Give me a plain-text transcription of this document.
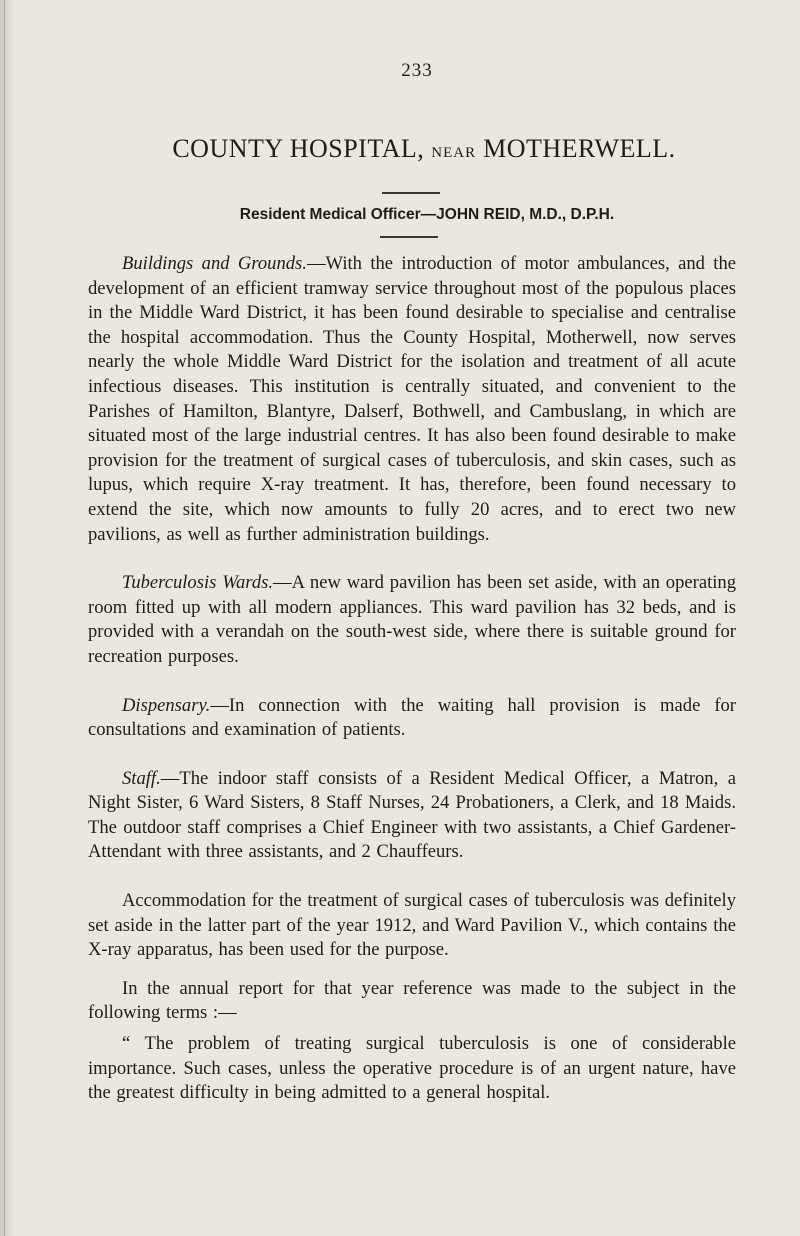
233
COUNTY HOSPITAL, NEAR MOTHERWELL.

Resident Medical Officer—JOHN REID, M.D., D.P.H.

Buildings and Grounds.—With the introduction of motor ambulances, and the development of an efficient tramway service throughout most of the populous places in the Middle Ward District, it has been found desirable to specialise and centralise the hospital accommodation. Thus the County Hospital, Motherwell, now serves nearly the whole Middle Ward District for the isolation and treatment of all acute infectious diseases. This institution is centrally situated, and convenient to the Parishes of Hamilton, Blantyre, Dalserf, Bothwell, and Cambuslang, in which are situated most of the large industrial centres. It has also been found desirable to make provision for the treatment of surgical cases of tuberculosis, and skin cases, such as lupus, which require X-ray treatment. It has, therefore, been found necessary to extend the site, which now amounts to fully 20 acres, and to erect two new pavilions, as well as further administration buildings.

Tuberculosis Wards.—A new ward pavilion has been set aside, with an operating room fitted up with all modern appliances. This ward pavilion has 32 beds, and is provided with a verandah on the south-west side, where there is suitable ground for recreation purposes.

Dispensary.—In connection with the waiting hall provision is made for consultations and examination of patients.

Staff.—The indoor staff consists of a Resident Medical Officer, a Matron, a Night Sister, 6 Ward Sisters, 8 Staff Nurses, 24 Probationers, a Clerk, and 18 Maids. The outdoor staff comprises a Chief Engineer with two assistants, a Chief Gardener-Attendant with three assistants, and 2 Chauffeurs.

Accommodation for the treatment of surgical cases of tuberculosis was definitely set aside in the latter part of the year 1912, and Ward Pavilion V., which contains the X-ray apparatus, has been used for the purpose.

In the annual report for that year reference was made to the subject in the following terms :—

“ The problem of treating surgical tuberculosis is one of considerable importance. Such cases, unless the operative procedure is of an urgent nature, have the greatest difficulty in being admitted to a general hospital.
